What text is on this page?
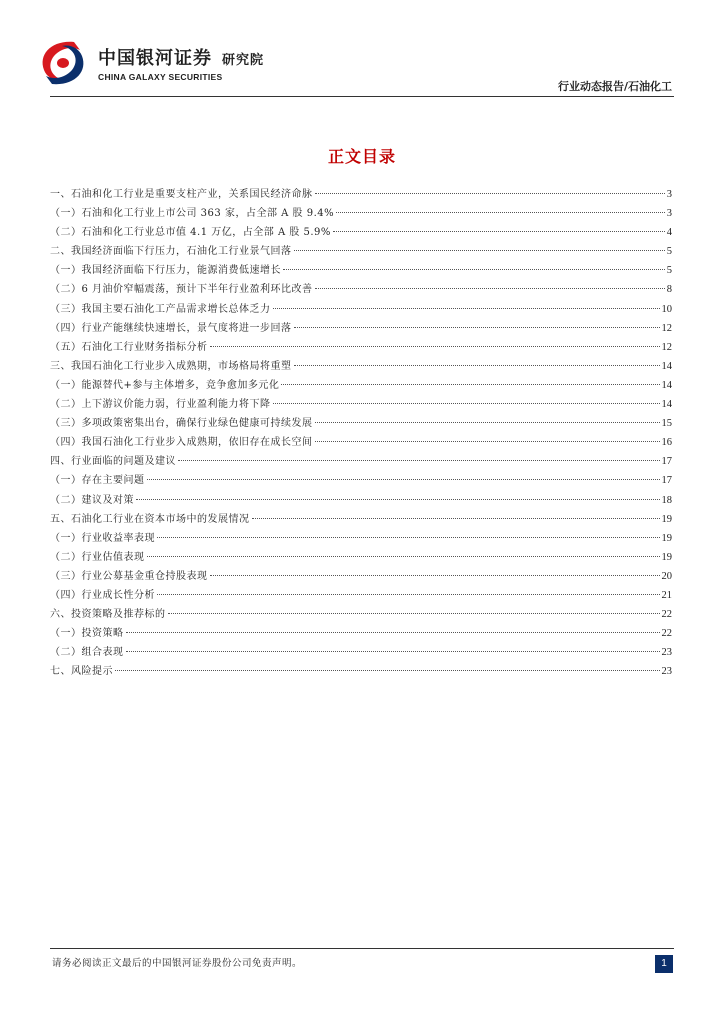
中国银河证券 研究院
CHINA GALAXY SECURITIES
行业动态报告/石油化工
正文目录
一、石油和化工行业是重要支柱产业，关系国民经济命脉	3
（一）石油和化工行业上市公司 363 家，占全部 A 股 9.4%	3
（二）石油和化工行业总市值 4.1 万亿，占全部 A 股 5.9%	4
二、我国经济面临下行压力，石油化工行业景气回落	5
（一）我国经济面临下行压力，能源消费低速增长	5
（二）6 月油价窄幅震荡，预计下半年行业盈利环比改善	8
（三）我国主要石油化工产品需求增长总体乏力	10
（四）行业产能继续快速增长，景气度将进一步回落	12
（五）石油化工行业财务指标分析	12
三、我国石油化工行业步入成熟期，市场格局将重塑	14
（一）能源替代+参与主体增多，竞争愈加多元化	14
（二）上下游议价能力弱，行业盈利能力将下降	14
（三）多项政策密集出台，确保行业绿色健康可持续发展	15
（四）我国石油化工行业步入成熟期，依旧存在成长空间	16
四、行业面临的问题及建议	17
（一）存在主要问题	17
（二）建议及对策	18
五、石油化工行业在资本市场中的发展情况	19
（一）行业收益率表现	19
（二）行业估值表现	19
（三）行业公募基金重仓持股表现	20
（四）行业成长性分析	21
六、投资策略及推荐标的	22
（一）投资策略	22
（二）组合表现	23
七、风险提示	23
请务必阅读正文最后的中国银河证券股份公司免责声明。	1
